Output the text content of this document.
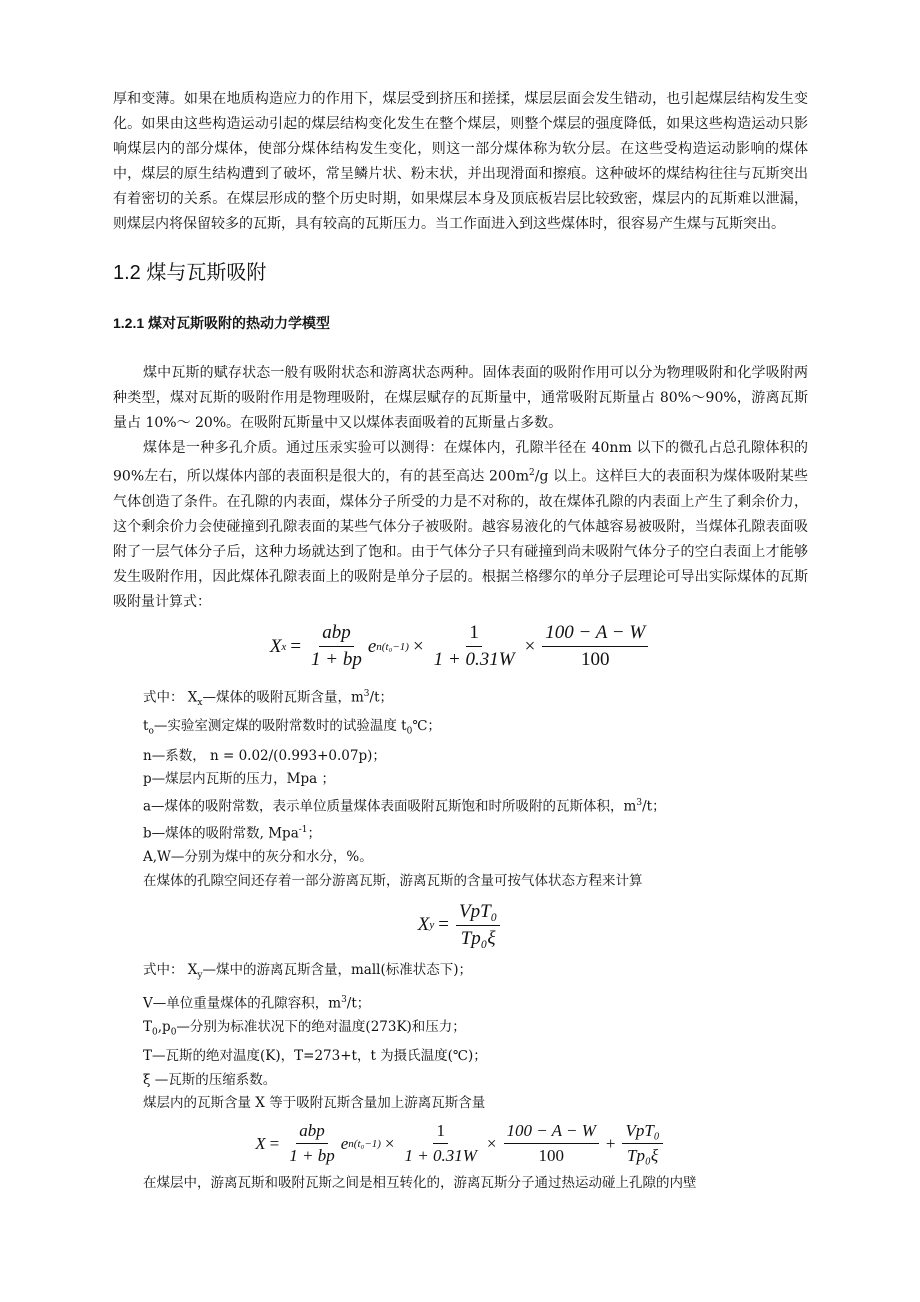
厚和变薄。如果在地质构造应力的作用下，煤层受到挤压和搓揉，煤层层面会发生错动，也引起煤层结构发生变化。如果由这些构造运动引起的煤层结构变化发生在整个煤层，则整个煤层的强度降低，如果这些构造运动只影响煤层内的部分煤体，使部分煤体结构发生变化，则这一部分煤体称为软分层。在这些受构造运动影响的煤体中，煤层的原生结构遭到了破坏，常呈鳞片状、粉末状，并出现滑面和擦痕。这种破坏的煤结构往往与瓦斯突出有着密切的关系。在煤层形成的整个历史时期，如果煤层本身及顶底板岩层比较致密，煤层内的瓦斯难以泄漏，则煤层内将保留较多的瓦斯，具有较高的瓦斯压力。当工作面进入到这些煤体时，很容易产生煤与瓦斯突出。

1.2 煤与瓦斯吸附
1.2.1 煤对瓦斯吸附的热动力学模型

煤中瓦斯的赋存状态一般有吸附状态和游离状态两种。固体表面的吸附作用可以分为物理吸附和化学吸附两种类型，煤对瓦斯的吸附作用是物理吸附，在煤层赋存的瓦斯量中，通常吸附瓦斯量占 80%～90%，游离瓦斯量占 10%～ 20%。在吸附瓦斯量中又以煤体表面吸着的瓦斯量占多数。

煤体是一种多孔介质。通过压汞实验可以测得：在煤体内，孔隙半径在 40nm 以下的微孔占总孔隙体积的 90%左右，所以煤体内部的表面积是很大的，有的甚至高达 $200m^2/g$ 以上。这样巨大的表面积为煤体吸附某些气体创造了条件。在孔隙的内表面，煤体分子所受的力是不对称的，故在煤体孔隙的内表面上产生了剩余价力，这个剩余价力会使碰撞到孔隙表面的某些气体分子被吸附。越容易液化的气体越容易被吸附，当煤体孔隙表面吸附了一层气体分子后，这种力场就达到了饱和。由于气体分子只有碰撞到尚未吸附气体分子的空白表面上才能够发生吸附作用，因此煤体孔隙表面上的吸附是单分子层的。根据兰格缪尔的单分子层理论可导出实际煤体的瓦斯吸附量计算式：

X $x = \frac{\text{abp}}{1 + bp}$ e $n(t_0-1) \times \frac{1}{1 + 0.31W} \times \frac{100 - A - W}{100}$

式中： $X_x—$煤体的吸附瓦斯含量，$m^3/t$；

$t_o—$实验室测定煤的吸附常数时的试验温度 $t_0℃$；

n—系数， n = 0.02/(0.993+0.07p)；

p—煤层内瓦斯的压力，Mpa ；

a—煤体的吸附常数，表示单位质量煤体表面吸附瓦斯饱和时所吸附的瓦斯体积，$m^3/t$；

b—煤体的吸附常数, Mpa$^{-1}$；

A,W—分别为煤中的灰分和水分，%。

在煤体的孔隙空间还存着一部分游离瓦斯，游离瓦斯的含量可按气体状态方程来计算

X $y = \frac{\text{VpT₀}}{\text{Tp₀ξ}}$

式中： $X_y—$煤中的游离瓦斯含量，mall(标准状态下)；

V—单位重量煤体的孔隙容积，$m^3/t$；

$T_0,p_0—$分别为标准状况下的绝对温度(273K)和压力；

T—瓦斯的绝对温度(K)，T=273+t，t 为摄氏温度(℃)；

ξ —瓦斯的压缩系数。

煤层内的瓦斯含量 X 等于吸附瓦斯含量加上游离瓦斯含量

$X = \frac{\text{abp}}{1 + bp}$ e $n(t_0-1) \times \frac{1}{1 + 0.31W} \times \frac{100 - A - W}{100} + \frac{\text{VpT₀}}{\text{Tp₀ξ}}$

在煤层中，游离瓦斯和吸附瓦斯之间是相互转化的，游离瓦斯分子通过热运动碰上孔隙的内壁
